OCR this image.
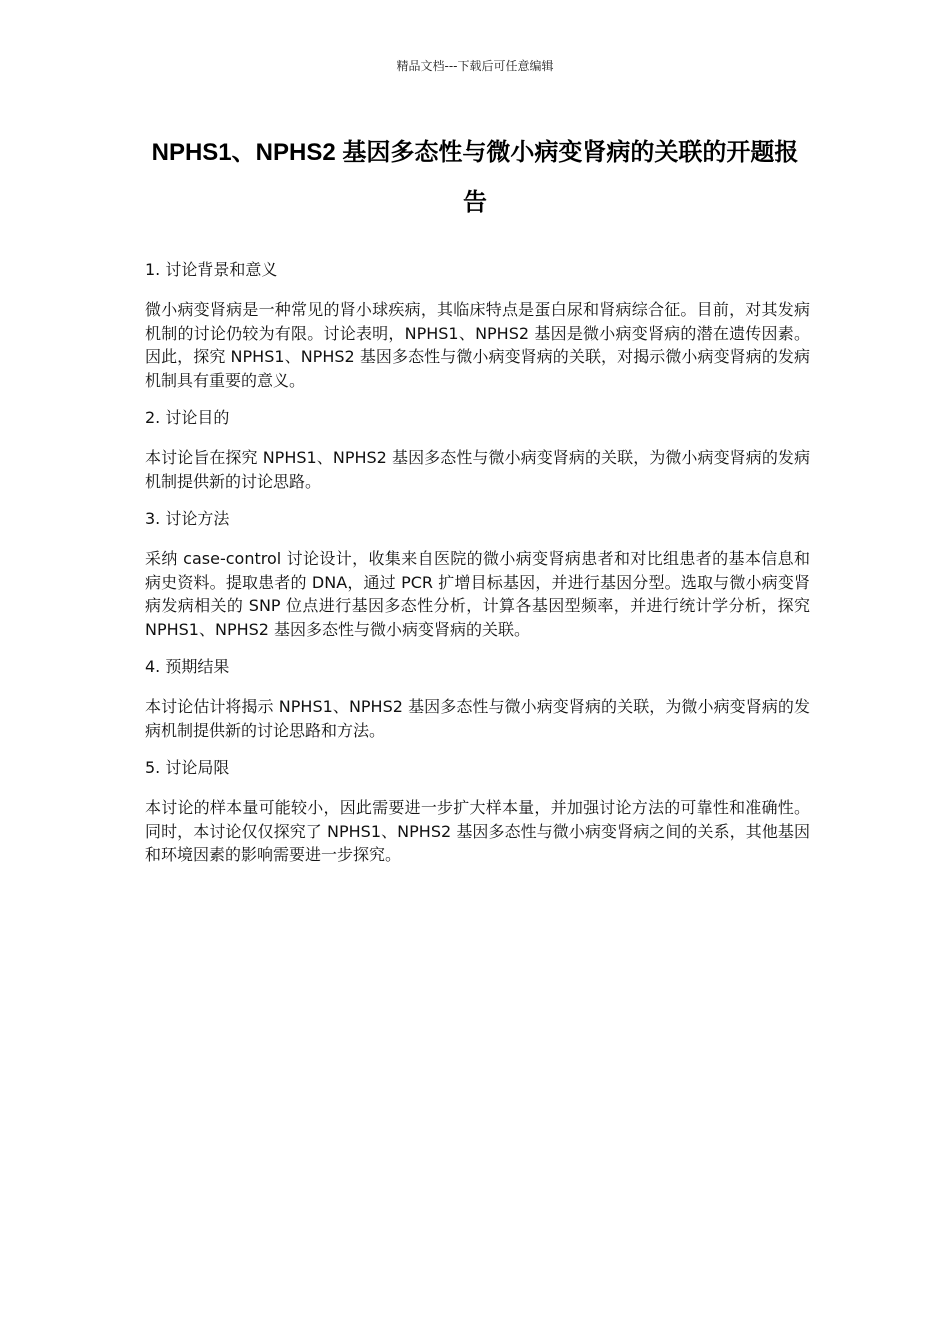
精品文档---下载后可任意编辑
NPHS1、NPHS2 基因多态性与微小病变肾病的关联的开题报告
1. 讨论背景和意义

微小病变肾病是一种常见的肾小球疾病，其临床特点是蛋白尿和肾病综合征。目前，对其发病机制的讨论仍较为有限。讨论表明，NPHS1、NPHS2 基因是微小病变肾病的潜在遗传因素。因此，探究 NPHS1、NPHS2 基因多态性与微小病变肾病的关联，对揭示微小病变肾病的发病机制具有重要的意义。

2. 讨论目的

本讨论旨在探究 NPHS1、NPHS2 基因多态性与微小病变肾病的关联，为微小病变肾病的发病机制提供新的讨论思路。

3. 讨论方法

采纳 case-control 讨论设计，收集来自医院的微小病变肾病患者和对比组患者的基本信息和病史资料。提取患者的 DNA，通过 PCR 扩增目标基因，并进行基因分型。选取与微小病变肾病发病相关的 SNP 位点进行基因多态性分析，计算各基因型频率，并进行统计学分析，探究 NPHS1、NPHS2 基因多态性与微小病变肾病的关联。

4. 预期结果

本讨论估计将揭示 NPHS1、NPHS2 基因多态性与微小病变肾病的关联，为微小病变肾病的发病机制提供新的讨论思路和方法。

5. 讨论局限

本讨论的样本量可能较小，因此需要进一步扩大样本量，并加强讨论方法的可靠性和准确性。同时，本讨论仅仅探究了 NPHS1、NPHS2 基因多态性与微小病变肾病之间的关系，其他基因和环境因素的影响需要进一步探究。
